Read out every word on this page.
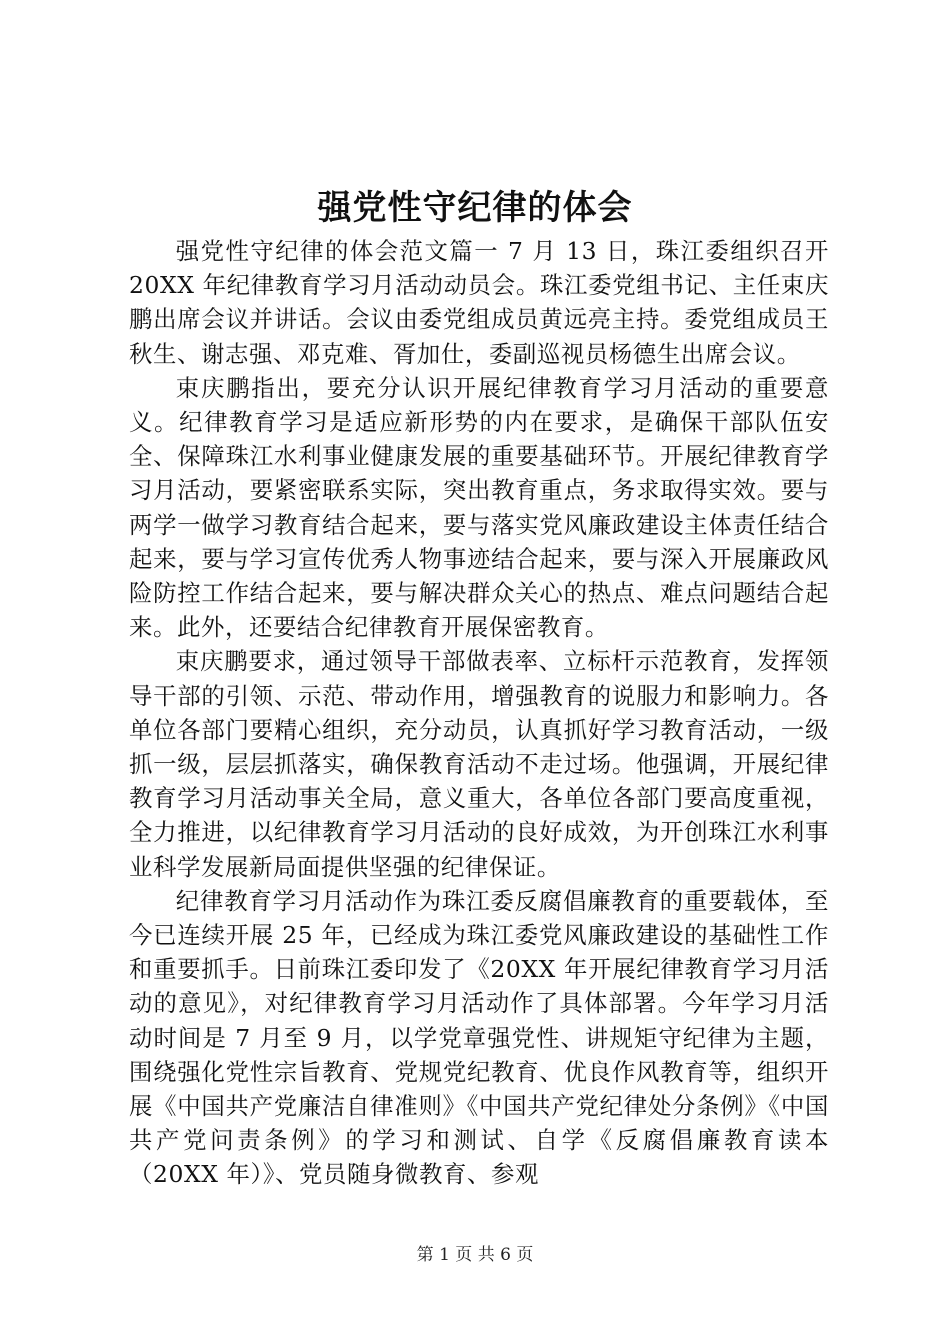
强党性守纪律的体会

强党性守纪律的体会范文篇一 7 月 13 日，珠江委组织召开 20XX 年纪律教育学习月活动动员会。珠江委党组书记、主任束庆鹏出席会议并讲话。会议由委党组成员黄远亮主持。委党组成员王秋生、谢志强、邓克难、胥加仕，委副巡视员杨德生出席会议。

束庆鹏指出，要充分认识开展纪律教育学习月活动的重要意义。纪律教育学习是适应新形势的内在要求，是确保干部队伍安全、保障珠江水利事业健康发展的重要基础环节。开展纪律教育学习月活动，要紧密联系实际，突出教育重点，务求取得实效。要与两学一做学习教育结合起来，要与落实党风廉政建设主体责任结合起来，要与学习宣传优秀人物事迹结合起来，要与深入开展廉政风险防控工作结合起来，要与解决群众关心的热点、难点问题结合起来。此外，还要结合纪律教育开展保密教育。

束庆鹏要求，通过领导干部做表率、立标杆示范教育，发挥领导干部的引领、示范、带动作用，增强教育的说服力和影响力。各单位各部门要精心组织，充分动员，认真抓好学习教育活动，一级抓一级，层层抓落实，确保教育活动不走过场。他强调，开展纪律教育学习月活动事关全局，意义重大，各单位各部门要高度重视，全力推进，以纪律教育学习月活动的良好成效，为开创珠江水利事业科学发展新局面提供坚强的纪律保证。

纪律教育学习月活动作为珠江委反腐倡廉教育的重要载体，至今已连续开展 25 年，已经成为珠江委党风廉政建设的基础性工作和重要抓手。日前珠江委印发了《20XX 年开展纪律教育学习月活动的意见》，对纪律教育学习月活动作了具体部署。今年学习月活动时间是 7 月至 9 月，以学党章强党性、讲规矩守纪律为主题，围绕强化党性宗旨教育、党规党纪教育、优良作风教育等，组织开展《中国共产党廉洁自律准则》《中国共产党纪律处分条例》《中国共产党问责条例》的学习和测试、自学《反腐倡廉教育读本（20XX 年）》、党员随身微教育、参观

第 1 页 共 6 页
